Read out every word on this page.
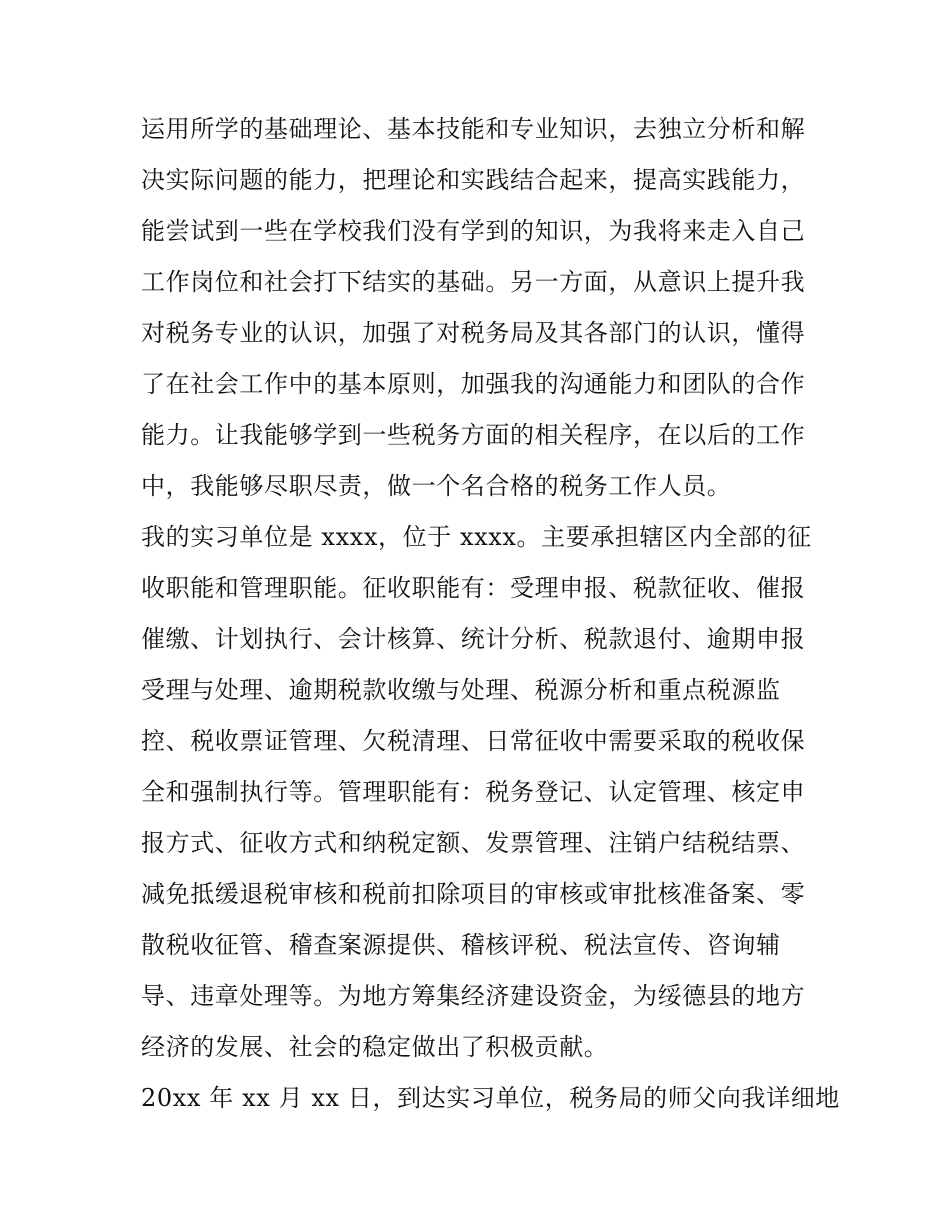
运用所学的基础理论、基本技能和专业知识，去独立分析和解
决实际问题的能力，把理论和实践结合起来，提高实践能力，
能尝试到一些在学校我们没有学到的知识，为我将来走入自己
工作岗位和社会打下结实的基础。另一方面，从意识上提升我
对税务专业的认识，加强了对税务局及其各部门的认识，懂得
了在社会工作中的基本原则，加强我的沟通能力和团队的合作
能力。让我能够学到一些税务方面的相关程序，在以后的工作
中，我能够尽职尽责，做一个名合格的税务工作人员。
我的实习单位是 xxxx，位于 xxxx。主要承担辖区内全部的征
收职能和管理职能。征收职能有：受理申报、税款征收、催报
催缴、计划执行、会计核算、统计分析、税款退付、逾期申报
受理与处理、逾期税款收缴与处理、税源分析和重点税源监
控、税收票证管理、欠税清理、日常征收中需要采取的税收保
全和强制执行等。管理职能有：税务登记、认定管理、核定申
报方式、征收方式和纳税定额、发票管理、注销户结税结票、
减免抵缓退税审核和税前扣除项目的审核或审批核准备案、零
散税收征管、稽查案源提供、稽核评税、税法宣传、咨询辅
导、违章处理等。为地方筹集经济建设资金，为绥德县的地方
经济的发展、社会的稳定做出了积极贡献。
20xx 年 xx 月 xx 日，到达实习单位，税务局的师父向我详细地
